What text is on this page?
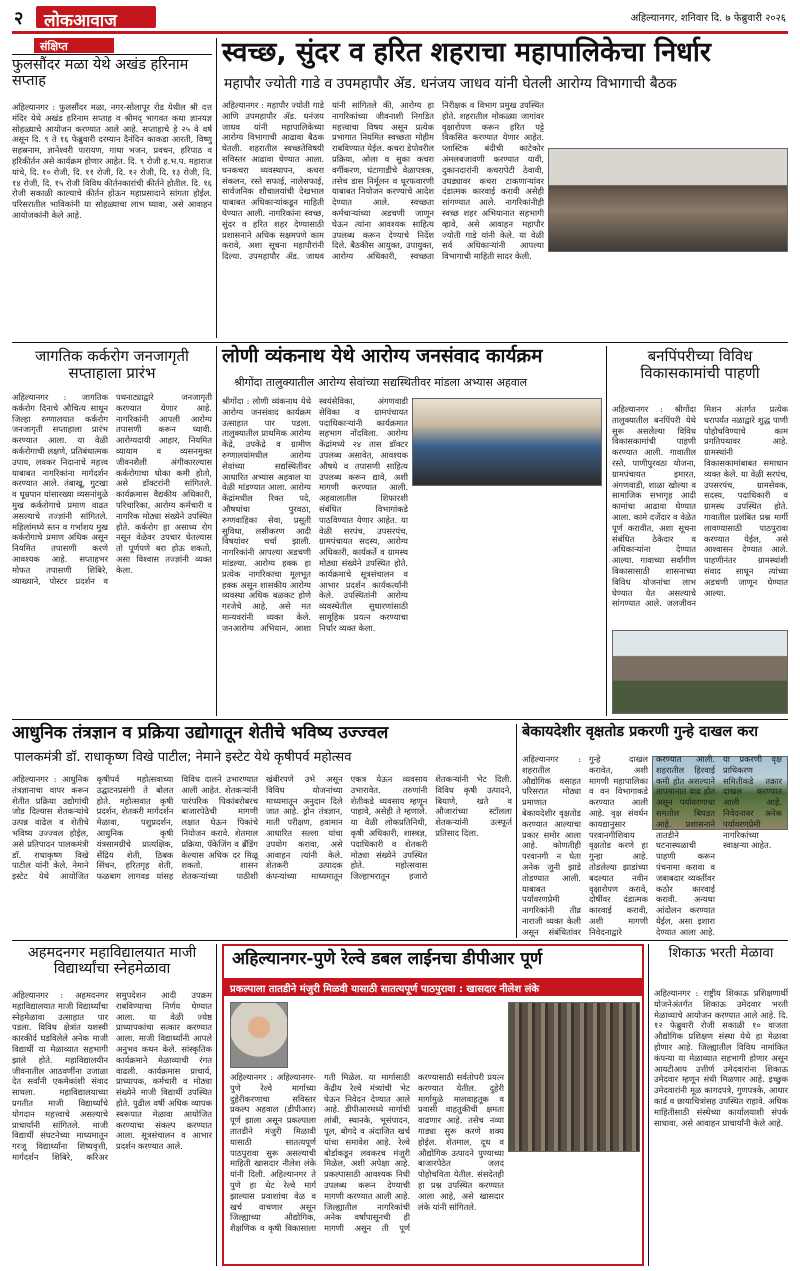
२	लोकआवाज	अहिल्यानगर, शनिवार दि. ७ फेब्रुवारी २०२६
संक्षिप्त
फुलसौंदर मळा येथे अखंड हरिनाम सप्ताह
अहिल्यानगर : फुलसौंदर मळा, नगर-सोलापूर रोड येथील श्री दत्त मंदिर येथे अखंड हरिनाम सप्ताह व श्रीमद् भागवत कथा ज्ञानयज्ञ सोहळ्याचे आयोजन करण्यात आले आहे. सप्ताहाचे हे २५ वे वर्ष असून दि. ९ ते १६ फेब्रुवारी दरम्यान दैनंदिन काकडा आरती, विष्णु सहस्रनाम, ज्ञानेश्वरी पारायण, गाथा भजन, प्रवचन, हरिपाठ व हरिकीर्तन असे कार्यक्रम होणार आहेत. दि. ९ रोजी ह.भ.प. महाराज यांचे, दि. १० रोजी, दि. ११ रोजी, दि. १२ रोजी, दि. १३ रोजी, दि. १४ रोजी, दि. १५ रोजी विविध कीर्तनकारांची कीर्तने होतील. दि. १६ रोजी सकाळी काल्याचे कीर्तन होऊन महाप्रसादाने सांगता होईल. परिसरातील भाविकांनी या सोहळ्याचा लाभ घ्यावा, असे आवाहन आयोजकांनी केले आहे.
स्वच्छ, सुंदर व हरित शहराचा महापालिकेचा निर्धार
महापौर ज्योती गाडे व उपमहापौर ॲड. धनंजय जाधव यांनी घेतली आरोग्य विभागाची बैठक
अहिल्यानगर : महापौर ज्योती गाडे आणि उपमहापौर ॲड. धनंजय जाधव यांनी महापालिकेच्या आरोग्य विभागाची आढावा बैठक घेतली. शहरातील स्वच्छतेविषयी सविस्तर आढावा घेण्यात आला. घनकचरा व्यवस्थापन, कचरा संकलन, रस्ते सफाई, नालेसफाई, सार्वजनिक शौचालयांची देखभाल याबाबत अधिकाऱ्यांकडून माहिती घेण्यात आली. नागरिकांना स्वच्छ, सुंदर व हरित शहर देण्यासाठी प्रशासनाने अधिक सक्षमपणे काम करावे, अशा सूचना महापौरांनी दिल्या. उपमहापौर ॲड. जाधव यांनी सांगितले की, आरोग्य हा नागरिकांच्या जीवनाशी निगडित महत्त्वाचा विषय असून प्रत्येक प्रभागात नियमित स्वच्छता मोहीम राबविण्यात येईल. कचरा डेपोवरील प्रक्रिया, ओला व सुका कचरा वर्गीकरण, घंटागाडीचे वेळापत्रक, तसेच डास निर्मूलन व धूरफवारणी याबाबत नियोजन करण्याचे आदेश देण्यात आले. स्वच्छता कर्मचाऱ्यांच्या अडचणी जाणून घेऊन त्यांना आवश्यक साहित्य उपलब्ध करून देण्याचे निर्देश दिले. बैठकीस आयुक्त, उपायुक्त, आरोग्य अधिकारी, स्वच्छता निरीक्षक व विभाग प्रमुख उपस्थित होते. शहरातील मोकळ्या जागांवर वृक्षारोपण करून हरित पट्टे विकसित करण्यात येणार आहेत. प्लास्टिक बंदीची काटेकोर अंमलबजावणी करण्यात यावी, दुकानदारांनी कचरापेटी ठेवावी, उघड्यावर कचरा टाकणाऱ्यांवर दंडात्मक कारवाई करावी असेही सांगण्यात आले. नागरिकांनीही स्वच्छ शहर अभियानात सहभागी व्हावे, असे आवाहन महापौर ज्योती गाडे यांनी केले. या वेळी सर्व अधिकाऱ्यांनी आपल्या विभागाची माहिती सादर केली.
जागतिक कर्करोग जनजागृती सप्ताहाला प्रारंभ
अहिल्यानगर : जागतिक कर्करोग दिनाचे औचित्य साधून जिल्हा रुग्णालयात कर्करोग जनजागृती सप्ताहाला प्रारंभ करण्यात आला. या वेळी कर्करोगाची लक्षणे, प्रतिबंधात्मक उपाय, लवकर निदानाचे महत्त्व याबाबत नागरिकांना मार्गदर्शन करण्यात आले. तंबाखू, गुटखा व धूम्रपान यांसारख्या व्यसनांमुळे मुख कर्करोगाचे प्रमाण वाढत असल्याचे तज्ज्ञांनी सांगितले. महिलांमध्ये स्तन व गर्भाशय मुख कर्करोगाचे प्रमाण अधिक असून नियमित तपासणी करणे आवश्यक आहे. सप्ताहभर मोफत तपासणी शिबिरे, व्याख्याने, पोस्टर प्रदर्शन व पथनाट्याद्वारे जनजागृती करण्यात येणार आहे. नागरिकांनी आपली आरोग्य तपासणी करून घ्यावी. आरोग्यदायी आहार, नियमित व्यायाम व व्यसनमुक्त जीवनशैली अंगीकारल्यास कर्करोगाचा धोका कमी होतो, असे डॉक्टरांनी सांगितले. कार्यक्रमास वैद्यकीय अधिकारी, परिचारिका, आरोग्य कर्मचारी व नागरिक मोठ्या संख्येने उपस्थित होते. कर्करोग हा असाध्य रोग नसून वेळेवर उपचार घेतल्यास तो पूर्णपणे बरा होऊ शकतो, असा विश्वास तज्ज्ञांनी व्यक्त केला.
लोणी व्यंकनाथ येथे आरोग्य जनसंवाद कार्यक्रम
श्रीगोंदा तालुक्यातील आरोग्य सेवांच्या सद्यस्थितीवर मांडला अभ्यास अहवाल
श्रीगोंदा : लोणी व्यंकनाथ येथे आरोग्य जनसंवाद कार्यक्रम उत्साहात पार पडला. तालुक्यातील प्राथमिक आरोग्य केंद्रे, उपकेंद्रे व ग्रामीण रुग्णालयांमधील आरोग्य सेवांच्या सद्यस्थितीवर आधारित अभ्यास अहवाल या वेळी मांडण्यात आला. आरोग्य केंद्रांमधील रिक्त पदे, औषधांचा पुरवठा, रुग्णवाहिका सेवा, प्रसूती सुविधा, लसीकरण आदी विषयांवर चर्चा झाली. नागरिकांनी आपल्या अडचणी मांडल्या. आरोग्य हक्क हा प्रत्येक नागरिकाचा मूलभूत हक्क असून शासकीय आरोग्य व्यवस्था अधिक बळकट होणे गरजेचे आहे, असे मत मान्यवरांनी व्यक्त केले. जनआरोग्य अभियान, आशा स्वयंसेविका, अंगणवाडी सेविका व ग्रामपंचायत पदाधिकाऱ्यांनी कार्यक्रमात सहभाग नोंदविला. आरोग्य केंद्रांमध्ये २४ तास डॉक्टर उपलब्ध असावेत, आवश्यक औषधे व तपासणी साहित्य उपलब्ध करून द्यावे, अशी मागणी करण्यात आली. अहवालातील शिफारशी संबंधित विभागांकडे पाठविण्यात येणार आहेत. या वेळी सरपंच, उपसरपंच, ग्रामपंचायत सदस्य, आरोग्य अधिकारी, कार्यकर्ते व ग्रामस्थ मोठ्या संख्येने उपस्थित होते. कार्यक्रमाचे सूत्रसंचालन व आभार प्रदर्शन कार्यकर्त्यांनी केले. उपस्थितांनी आरोग्य व्यवस्थेतील सुधारणांसाठी सामूहिक प्रयत्न करण्याचा निर्धार व्यक्त केला.
बनपिंपरीच्या विविध विकासकामांची पाहणी
अहिल्यानगर : श्रीगोंदा तालुक्यातील बनपिंपरी येथे सुरू असलेल्या विविध विकासकामांची पाहणी करण्यात आली. गावातील रस्ते, पाणीपुरवठा योजना, ग्रामपंचायत इमारत, अंगणवाडी, शाळा खोल्या व सामाजिक सभागृह आदी कामांचा आढावा घेण्यात आला. कामे दर्जेदार व वेळेत पूर्ण करावीत, अशा सूचना संबंधित ठेकेदार व अधिकाऱ्यांना देण्यात आल्या. गावाच्या सर्वांगीण विकासासाठी शासनाच्या विविध योजनांचा लाभ घेण्यात येत असल्याचे सांगण्यात आले. जलजीवन मिशन अंतर्गत प्रत्येक घरापर्यंत नळाद्वारे शुद्ध पाणी पोहोचविण्याचे काम प्रगतिपथावर आहे. ग्रामस्थांनी विकासकामांबाबत समाधान व्यक्त केले. या वेळी सरपंच, उपसरपंच, ग्रामसेवक, सदस्य, पदाधिकारी व ग्रामस्थ उपस्थित होते. गावातील प्रलंबित प्रश्न मार्गी लावण्यासाठी पाठपुरावा करण्यात येईल, असे आश्वासन देण्यात आले. पाहणीनंतर ग्रामस्थांशी संवाद साधून त्यांच्या अडचणी जाणून घेण्यात आल्या.
आधुनिक तंत्रज्ञान व प्रक्रिया उद्योगातून शेतीचे भविष्य उज्ज्वल
पालकमंत्री डॉ. राधाकृष्ण विखे पाटील; नेमाने इस्टेट येथे कृषीपर्व महोत्सव
अहिल्यानगर : आधुनिक तंत्रज्ञानाचा वापर करून शेतीत प्रक्रिया उद्योगांची जोड दिल्यास शेतकऱ्यांचे उत्पन्न वाढेल व शेतीचे भविष्य उज्ज्वल होईल, असे प्रतिपादन पालकमंत्री डॉ. राधाकृष्ण विखे पाटील यांनी केले. नेमाने इस्टेट येथे आयोजित कृषीपर्व महोत्सवाच्या उद्घाटनप्रसंगी ते बोलत होते. महोत्सवात कृषी प्रदर्शन, शेतकरी मार्गदर्शन मेळावा, पशुप्रदर्शन, आधुनिक कृषी यंत्रसामग्रीचे प्रात्यक्षिक, सेंद्रिय शेती, ठिबक सिंचन, हरितगृह शेती, फळबाग लागवड यांसह विविध दालने उभारण्यात आली आहेत. शेतकऱ्यांनी पारंपरिक पिकांबरोबरच बाजारपेठेची मागणी लक्षात घेऊन पिकांचे नियोजन करावे. शेतमाल प्रक्रिया, पॅकेजिंग व ब्रँडिंग केल्यास अधिक दर मिळू शकतो. शासन शेतकऱ्यांच्या पाठीशी खंबीरपणे उभे असून विविध योजनांच्या माध्यमातून अनुदान दिले जात आहे. ड्रोन तंत्रज्ञान, माती परीक्षण, हवामान आधारित सल्ला यांचा उपयोग करावा, असे आवाहन त्यांनी केले. शेतकरी उत्पादक कंपन्यांच्या माध्यमातून एकत्र येऊन व्यवसाय उभारावेत. तरुणांनी शेतीकडे व्यवसाय म्हणून पाहावे, असेही ते म्हणाले. या वेळी लोकप्रतिनिधी, कृषी अधिकारी, शास्त्रज्ञ, पदाधिकारी व शेतकरी मोठ्या संख्येने उपस्थित होते. महोत्सवास जिल्हाभरातून हजारो शेतकऱ्यांनी भेट दिली. विविध कृषी उत्पादने, बियाणे, खते व औजारांच्या स्टॉलला शेतकऱ्यांनी उत्स्फूर्त प्रतिसाद दिला.
बेकायदेशीर वृक्षतोड प्रकरणी गुन्हे दाखल करा
अहिल्यानगर : शहरातील औद्योगिक वसाहत परिसरात मोठ्या प्रमाणात बेकायदेशीर वृक्षतोड करण्यात आल्याचा प्रकार समोर आला आहे. कोणतीही परवानगी न घेता अनेक जुनी झाडे तोडण्यात आली. याबाबत पर्यावरणप्रेमी नागरिकांनी तीव्र नाराजी व्यक्त केली असून संबंधितांवर गुन्हे दाखल करावेत, अशी मागणी महापालिका व वन विभागाकडे करण्यात आली आहे. वृक्ष संवर्धन कायद्यानुसार परवानगीशिवाय वृक्षतोड करणे हा गुन्हा आहे. तोडलेल्या झाडांच्या बदल्यात नवीन वृक्षारोपण करावे, दोषींवर दंडात्मक कारवाई करावी, अशी मागणी निवेदनाद्वारे तातडीने घटनास्थळाची पाहणी करून पंचनामा करावा व जबाबदार व्यक्तींवर कठोर कारवाई करावी. अन्यथा आंदोलन करण्यात येईल, असा इशारा देण्यात आला आहे. नागरिकांच्या स्वाक्षऱ्या आहेत.
अहमदनगर महाविद्यालयात माजी विद्यार्थ्यांचा स्नेहमेळावा
अहिल्यानगर : अहमदनगर महाविद्यालयात माजी विद्यार्थ्यांचा स्नेहमेळावा उत्साहात पार पडला. विविध क्षेत्रांत यशस्वी कारकीर्द घडविलेले अनेक माजी विद्यार्थी या मेळाव्यात सहभागी झाले होते. महाविद्यालयीन जीवनातील आठवणींना उजाळा देत सर्वांनी एकमेकांशी संवाद साधला. महाविद्यालयाच्या प्रगतीत माजी विद्यार्थ्यांचे योगदान महत्त्वाचे असल्याचे प्राचार्यांनी सांगितले. माजी विद्यार्थी संघटनेच्या माध्यमातून गरजू विद्यार्थ्यांना शिष्यवृत्ती, मार्गदर्शन शिबिरे, करिअर समुपदेशन आदी उपक्रम राबविण्याचा निर्णय घेण्यात आला. या वेळी ज्येष्ठ प्राध्यापकांचा सत्कार करण्यात आला. माजी विद्यार्थ्यांनी आपले अनुभव कथन केले. सांस्कृतिक कार्यक्रमाने मेळाव्याची रंगत वाढली. कार्यक्रमास प्राचार्य, प्राध्यापक, कर्मचारी व मोठ्या संख्येने माजी विद्यार्थी उपस्थित होते. पुढील वर्षी अधिक व्यापक स्वरूपात मेळावा आयोजित करण्याचा संकल्प करण्यात आला. सूत्रसंचालन व आभार प्रदर्शन करण्यात आले.
अहिल्यानगर-पुणे रेल्वे डबल लाईनचा डीपीआर पूर्ण
प्रकल्पाला तातडीने मंजुरी मिळवी यासाठी सातत्यपूर्ण पाठपुरावा : खासदार नीलेश लंके
अहिल्यानगर : अहिल्यानगर-पुणे रेल्वे मार्गाच्या दुहेरीकरणाचा सविस्तर प्रकल्प अहवाल (डीपीआर) पूर्ण झाला असून प्रकल्पाला तातडीने मंजुरी मिळावी यासाठी सातत्यपूर्ण पाठपुरावा सुरू असल्याची माहिती खासदार नीलेश लंके यांनी दिली. अहिल्यानगर ते पुणे हा थेट रेल्वे मार्ग झाल्यास प्रवाशांचा वेळ व खर्च वाचणार असून जिल्ह्याच्या औद्योगिक, शैक्षणिक व कृषी विकासाला गती मिळेल. या मार्गासाठी केंद्रीय रेल्वे मंत्र्यांची भेट घेऊन निवेदन देण्यात आले आहे. डीपीआरमध्ये मार्गाची लांबी, स्थानके, भूसंपादन, पूल, बोगदे व अंदाजित खर्च यांचा समावेश आहे. रेल्वे बोर्डाकडून लवकरच मंजुरी मिळेल, अशी अपेक्षा आहे. प्रकल्पासाठी आवश्यक निधी उपलब्ध करून देण्याची मागणी करण्यात आली आहे. जिल्ह्यातील नागरिकांची अनेक वर्षांपासूनची ही मागणी असून ती पूर्ण करण्यासाठी सर्वतोपरी प्रयत्न करण्यात येतील. दुहेरी मार्गामुळे मालवाहतूक व प्रवासी वाहतुकीची क्षमता वाढणार आहे. तसेच नव्या गाड्या सुरू करणे शक्य होईल. शेतमाल, दूध व औद्योगिक उत्पादने पुण्याच्या बाजारपेठेत जलद पोहोचविता येतील. संसदेतही हा प्रश्न उपस्थित करण्यात आला आहे, असे खासदार लंके यांनी सांगितले.
शिकाऊ भरती मेळावा
अहिल्यानगर : राष्ट्रीय शिकाऊ प्रशिक्षणार्थी योजनेअंतर्गत शिकाऊ उमेदवार भरती मेळाव्याचे आयोजन करण्यात आले आहे. दि. १२ फेब्रुवारी रोजी सकाळी १० वाजता औद्योगिक प्रशिक्षण संस्था येथे हा मेळावा होणार आहे. जिल्ह्यातील विविध नामांकित कंपन्या या मेळाव्यात सहभागी होणार असून आयटीआय उत्तीर्ण उमेदवारांना शिकाऊ उमेदवार म्हणून संधी मिळणार आहे. इच्छुक उमेदवारांनी मूळ कागदपत्रे, गुणपत्रके, आधार कार्ड व छायाचित्रांसह उपस्थित राहावे. अधिक माहितीसाठी संस्थेच्या कार्यालयाशी संपर्क साधावा, असे आवाहन प्राचार्यांनी केले आहे.
